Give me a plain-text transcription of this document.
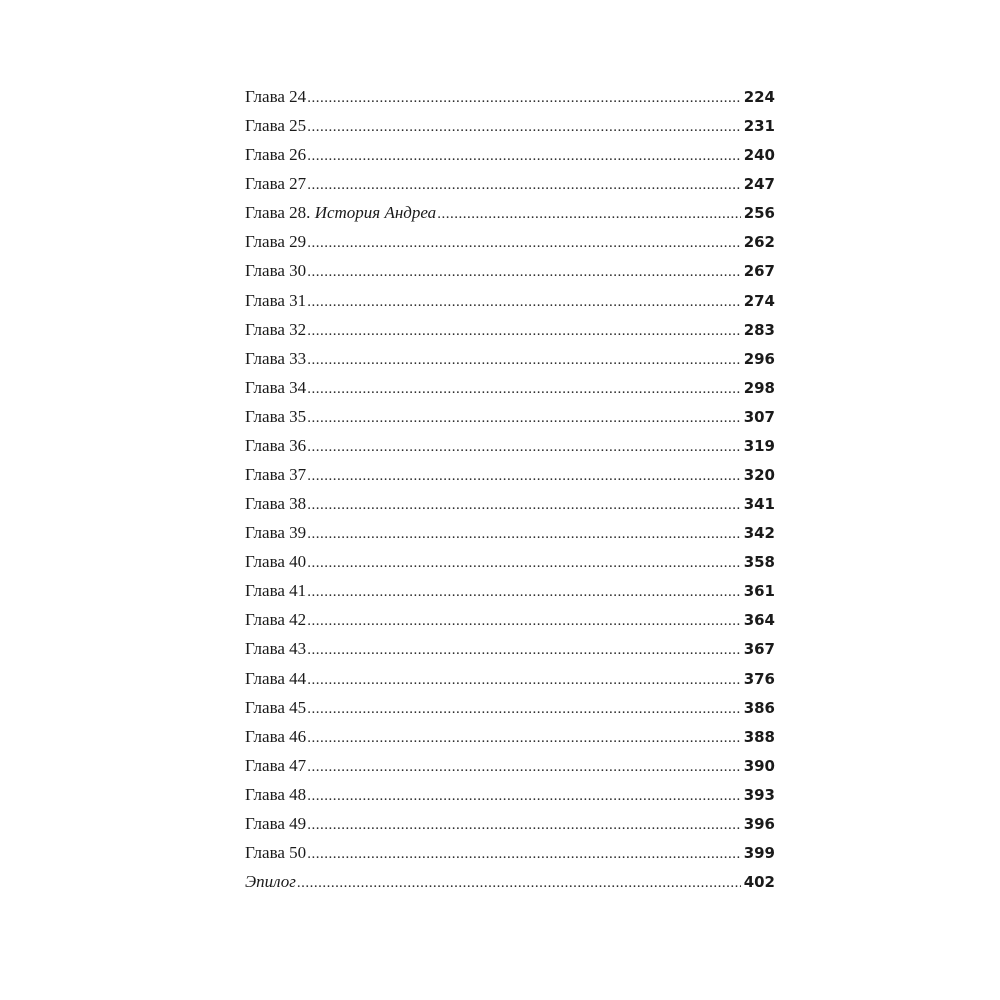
Глава 24 .....	224
Глава 25 .....	231
Глава 26 .....	240
Глава 27 .....	247
Глава 28. История Андреа .....	256
Глава 29 .....	262
Глава 30 .....	267
Глава 31 .....	274
Глава 32 .....	283
Глава 33 .....	296
Глава 34 .....	298
Глава 35 .....	307
Глава 36 .....	319
Глава 37 .....	320
Глава 38 .....	341
Глава 39 .....	342
Глава 40 .....	358
Глава 41 .....	361
Глава 42 .....	364
Глава 43 .....	367
Глава 44 .....	376
Глава 45 .....	386
Глава 46 .....	388
Глава 47 .....	390
Глава 48 .....	393
Глава 49 .....	396
Глава 50 .....	399
Эпилог .....	402
